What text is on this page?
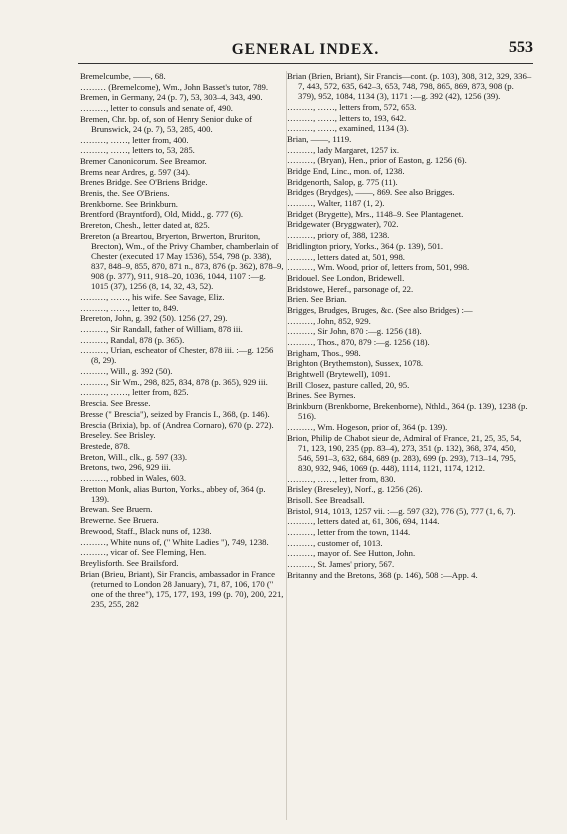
GENERAL INDEX.	553
Bremelcumbe, ——, 68.
……… (Bremelcome), Wm., John Basset's tutor, 789.
Bremen, in Germany, 24 (p. 7), 53, 303–4, 343, 490.
………, letter to consuls and senate of, 490.
Bremen, Chr. bp. of, son of Henry Senior duke of Brunswick, 24 (p. 7), 53, 285, 400.
………, ……, letter from, 400.
………, ……, letters to, 53, 285.
Bremer Canonicorum. See Breamor.
Brems near Ardres, g. 597 (34).
Brenes Bridge. See O'Briens Bridge.
Brenis, the. See O'Briens.
Brenkborne. See Brinkburn.
Brentford (Brayntford), Old, Midd., g. 777 (6).
Brereton, Chesh., letter dated at, 825.
Brereton (a Breartou, Bryerton, Brwerton, Bruriton, Brecton), Wm., of the Privy Chamber, chamberlain of Chester (executed 17 May 1536), 554, 798 (p. 338), 837, 848–9, 855, 870, 871 n., 873, 876 (p. 362), 878–9, 908 (p. 377), 911, 918–20, 1036, 1044, 1107 :—g. 1015 (37), 1256 (8, 14, 32, 43, 52).
………, ……, his wife. See Savage, Eliz.
………, ……, letter to, 849.
Brereton, John, g. 392 (50). 1256 (27, 29).
………, Sir Randall, father of William, 878 iii.
………, Randal, 878 (p. 365).
………, Urian, escheator of Chester, 878 iii. :—g. 1256 (8, 29).
………, Will., g. 392 (50).
………, Sir Wm., 298, 825, 834, 878 (p. 365), 929 iii.
………, ……, letter from, 825.
Brescia. See Bresse.
Bresse (" Brescia"), seized by Francis I., 368, (p. 146).
Brescia (Brixia), bp. of (Andrea Cornaro), 670 (p. 272).
Breseley. See Brisley.
Brestede, 878.
Breton, Will., clk., g. 597 (33).
Bretons, two, 296, 929 iii.
………, robbed in Wales, 603.
Bretton Monk, alias Burton, Yorks., abbey of, 364 (p. 139).
Brewan. See Bruern.
Brewerne. See Bruera.
Brewood, Staff., Black nuns of, 1238.
………, White nuns of, (" White Ladies "), 749, 1238.
………, vicar of. See Fleming, Hen.
Breylisforth. See Brailsford.
Brian (Brieu, Briant), Sir Francis, ambassador in France (returned to London 28 January), 71, 87, 106, 170 (" one of the three"), 175, 177, 193, 199 (p. 70), 200, 221, 235, 255, 282
Brian (Brien, Briant), Sir Francis—cont. (p. 103), 308, 312, 329, 336–7, 443, 572, 635, 642–3, 653, 748, 798, 865, 869, 873, 908 (p. 379), 952, 1084, 1134 (3), 1171 :—g. 392 (42), 1256 (39).
………, ……, letters from, 572, 653.
………, ……, letters to, 193, 642.
………, ……, examined, 1134 (3).
Brian, ——, 1119.
………, lady Margaret, 1257 ix.
………, (Bryan), Hen., prior of Easton, g. 1256 (6).
Bridge End, Linc., mon. of, 1238.
Bridgenorth, Salop, g. 775 (11).
Bridges (Brydges), ——, 869. See also Brigges.
………, Walter, 1187 (1, 2).
Bridget (Brygette), Mrs., 1148–9. See Plantagenet.
Bridgewater (Bryggwater), 702.
………, priory of, 388, 1238.
Bridlington priory, Yorks., 364 (p. 139), 501.
………, letters dated at, 501, 998.
………, Wm. Wood, prior of, letters from, 501, 998.
Bridouel. See London, Bridewell.
Bridstowe, Heref., parsonage of, 22.
Brien. See Brian.
Brigges, Brudges, Bruges, &c. (See also Bridges) :—
………, John, 852, 929.
………, Sir John, 870 :—g. 1256 (18).
………, Thos., 870, 879 :—g. 1256 (18).
Brigham, Thos., 998.
Brighton (Brythemston), Sussex, 1078.
Brightwell (Brytewell), 1091.
Brill Closez, pasture called, 20, 95.
Brines. See Byrnes.
Brinkburn (Brenkborne, Brekenborne), Nthld., 364 (p. 139), 1238 (p. 516).
………, Wm. Hogeson, prior of, 364 (p. 139).
Brion, Philip de Chabot sieur de, Admiral of France, 21, 25, 35, 54, 71, 123, 190, 235 (pp. 83–4), 273, 351 (p. 132), 368, 374, 450, 546, 591–3, 632, 684, 689 (p. 283), 699 (p. 293), 713–14, 795, 830, 932, 946, 1069 (p. 448), 1114, 1121, 1174, 1212.
………, ……, letter from, 830.
Brisley (Breseley), Norf., g. 1256 (26).
Brisoll. See Breadsall.
Bristol, 914, 1013, 1257 vii. :—g. 597 (32), 776 (5), 777 (1, 6, 7).
………, letters dated at, 61, 306, 694, 1144.
………, letter from the town, 1144.
………, customer of, 1013.
………, mayor of. See Hutton, John.
………, St. James' priory, 567.
Britanny and the Bretons, 368 (p. 146), 508 :—App. 4.
